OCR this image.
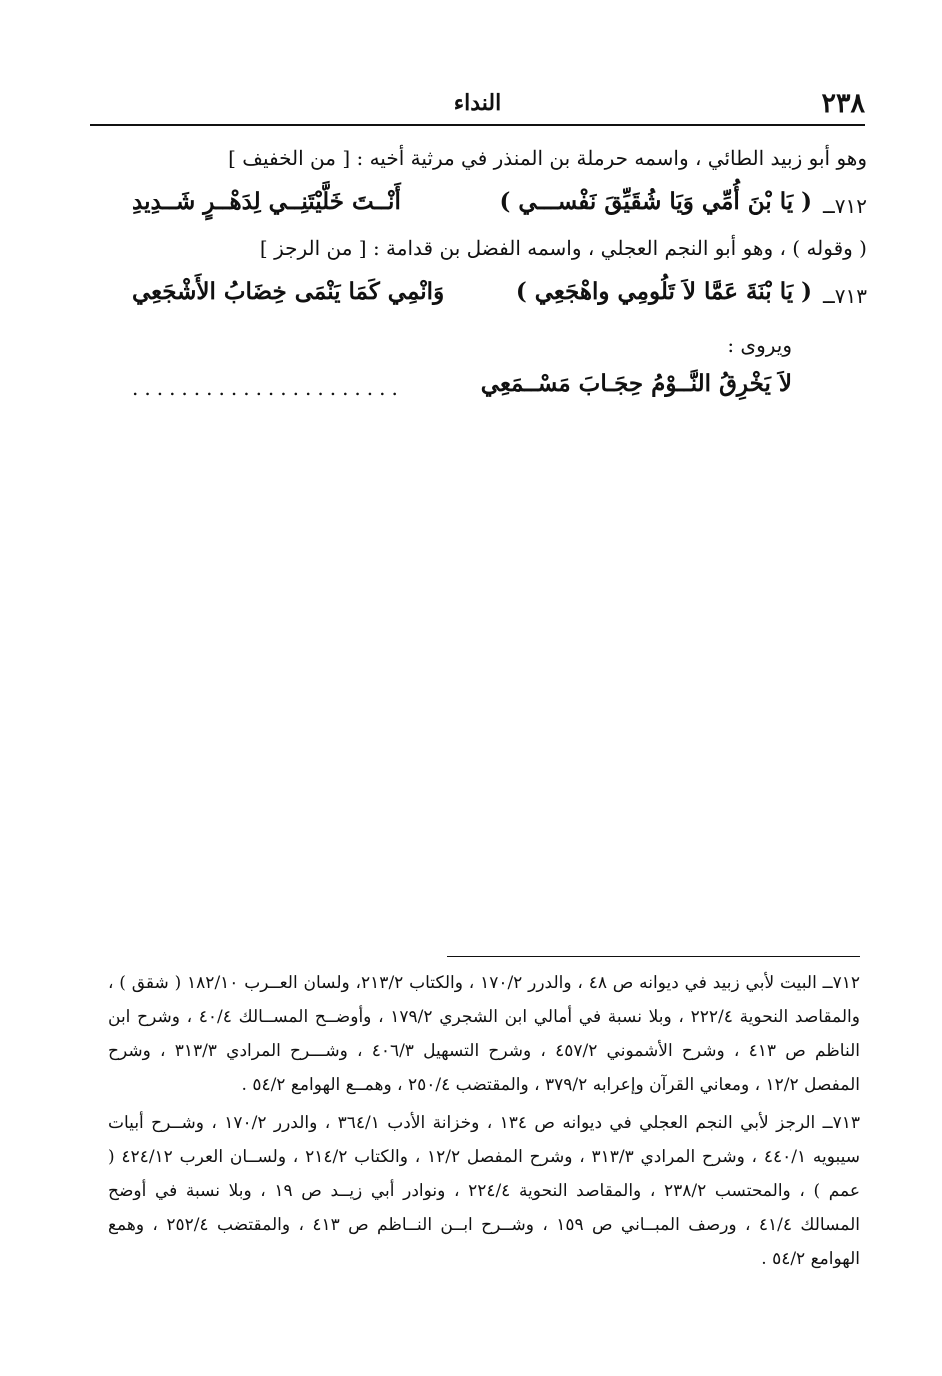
٢٣٨
النداء
وهو أبو زبيد الطائي ، واسمه حرملة بن المنذر في مرثية أخيه : [ من الخفيف ]
٧١٢ــ
( يَا بْنَ أُمِّي وَيَا شُقَيِّقَ نَفْســـي )
أَنْــتَ خَلَّيْتَنِــي لِدَهْــرٍ شَــدِيدِ
( وقوله ) ، وهو أبو النجم العجلي ، واسمه الفضل بن قدامة : [ من الرجز ]
٧١٣ــ
( يَا بْنَةَ عَمَّا لاَ تَلُومِي واهْجَعِي )
وَانْمِي كَمَا يَنْمَى خِضَابُ الأَشْجَعِي
ويروى :
لاَ يَخْرِقُ النَّــوْمُ حِجَـابَ مَسْــمَعِي
......................
٧١٢ــ البيت لأبي زبيد في ديوانه ص ٤٨ ، والدرر ١٧٠/٢ ، والكتاب ٢١٣/٢، ولسان العــرب ١٨٢/١٠ ( شقق ) ، والمقاصد النحوية ٢٢٢/٤ ، وبلا نسبة في أمالي ابن الشجري ١٧٩/٢ ، وأوضــح المســالك ٤٠/٤ ، وشرح ابن الناظم ص ٤١٣ ، وشرح الأشموني ٤٥٧/٢ ، وشرح التسهيل ٤٠٦/٣ ، وشـــرح المرادي ٣١٣/٣ ، وشرح المفصل ١٢/٢ ، ومعاني القرآن وإعرابه ٣٧٩/٢ ، والمقتضب ٢٥٠/٤ ، وهمــع الهوامع ٥٤/٢ .
٧١٣ــ الرجز لأبي النجم العجلي في ديوانه ص ١٣٤ ، وخزانة الأدب ٣٦٤/١ ، والدرر ١٧٠/٢ ، وشــرح أبيات سيبويه ٤٤٠/١ ، وشرح المرادي ٣١٣/٣ ، وشرح المفصل ١٢/٢ ، والكتاب ٢١٤/٢ ، ولســان العرب ٤٢٤/١٢ ( عمم ) ، والمحتسب ٢٣٨/٢ ، والمقاصد النحوية ٢٢٤/٤ ، ونوادر أبي زيــد ص ١٩ ، وبلا نسبة في أوضح المسالك ٤١/٤ ، ورصف المبــاني ص ١٥٩ ، وشــرح ابــن النــاظم ص ٤١٣ ، والمقتضب ٢٥٢/٤ ، وهمع الهوامع ٥٤/٢ .
